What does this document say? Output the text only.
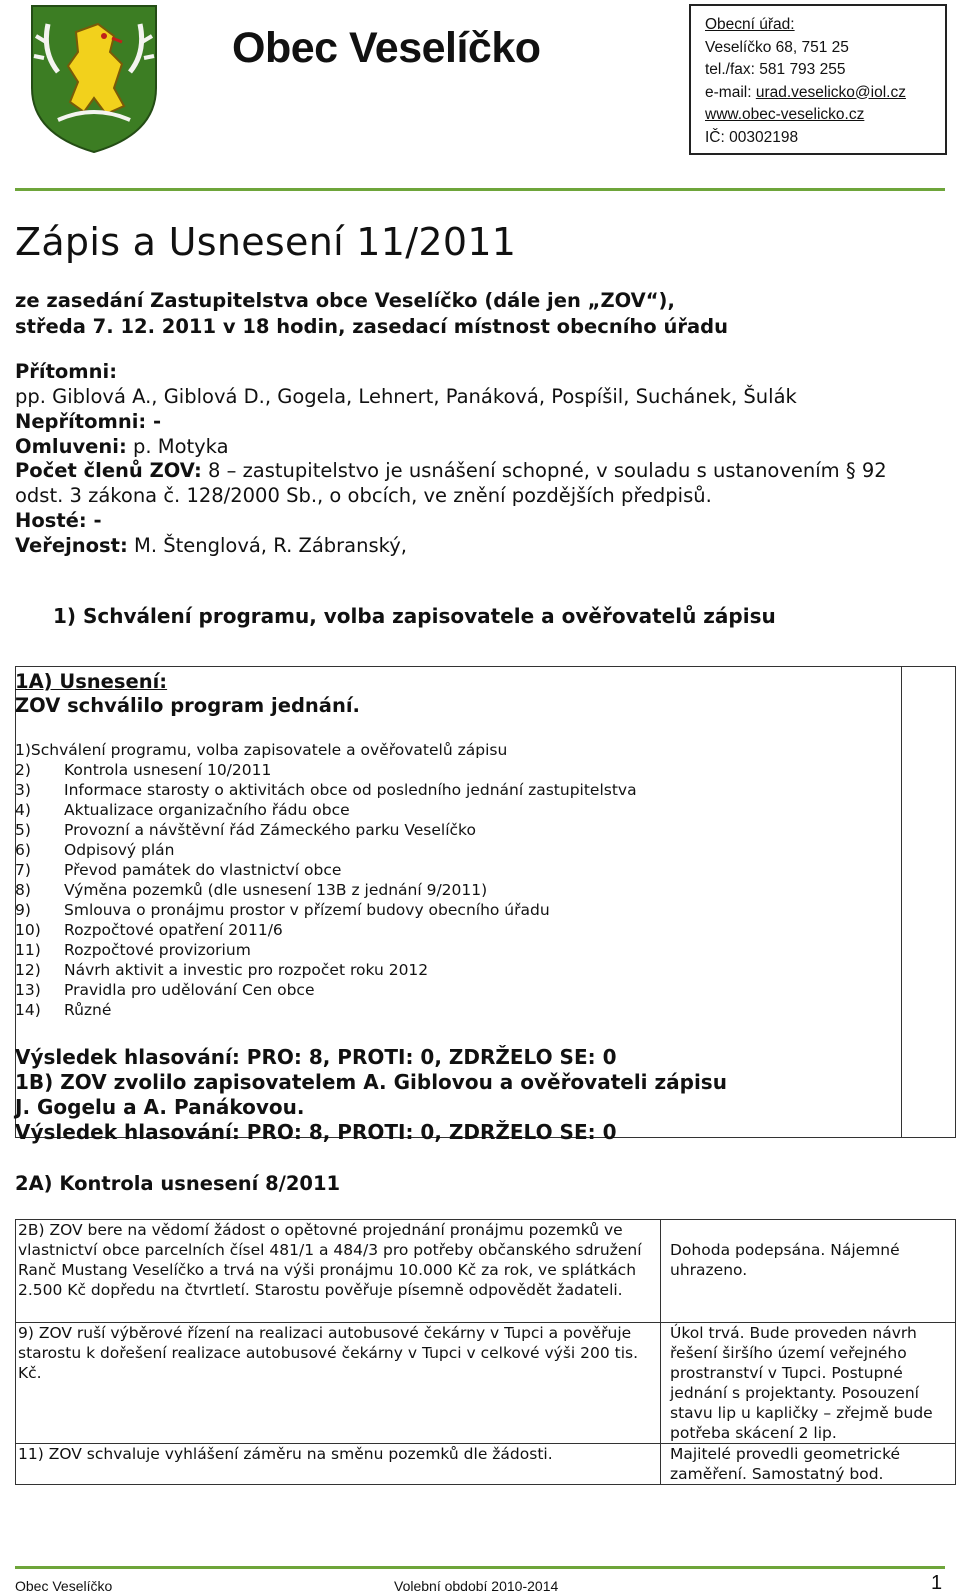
Obec Veselíčko	Obecní úřad:
Veselíčko 68, 751 25
tel./fax: 581 793 255
e-mail: urad.veselicko@iol.cz
www.obec-veselicko.cz
IČ: 00302198
Zápis a Usnesení 11/2011
ze zasedání Zastupitelstva obce Veselíčko (dále jen „ZOV“),
středa 7. 12. 2011 v 18 hodin, zasedací místnost obecního úřadu
Přítomni:
pp. Giblová A., Giblová D., Gogela, Lehnert, Panáková, Pospíšil, Suchánek, Šulák
Nepřítomni: -
Omluveni: p. Motyka
Počet členů ZOV: 8 – zastupitelstvo je usnášení schopné, v souladu s ustanovením § 92
odst. 3 zákona č. 128/2000 Sb., o obcích, ve znění pozdějších předpisů.
Hosté: -
Veřejnost: M. Štenglová, R. Zábranský,
1) Schválení programu, volba zapisovatele a ověřovatelů zápisu
1A) Usnesení:
ZOV schválilo program jednání.
1)Schválení programu, volba zapisovatele a ověřovatelů zápisu
2)	Kontrola usnesení 10/2011
3)	Informace starosty o aktivitách obce od posledního jednání zastupitelstva
4)	Aktualizace organizačního řádu obce
5)	Provozní a návštěvní řád Zámeckého parku Veselíčko
6)	Odpisový plán
7)	Převod památek do vlastnictví obce
8)	Výměna pozemků (dle usnesení 13B z jednání 9/2011)
9)	Smlouva o pronájmu prostor v přízemí budovy obecního úřadu
10)	Rozpočtové opatření 2011/6
11)	Rozpočtové provizorium
12)	Návrh aktivit a investic pro rozpočet roku 2012
13)	Pravidla pro udělování Cen obce
14)	Různé
Výsledek hlasování: PRO: 8, PROTI: 0, ZDRŽELO SE: 0
1B) ZOV zvolilo zapisovatelem A. Giblovou a ověřovateli zápisu
J. Gogelu a A. Panákovou.
Výsledek hlasování: PRO: 8, PROTI: 0, ZDRŽELO SE: 0
2A) Kontrola usnesení 8/2011
2B) ZOV bere na vědomí žádost o opětovné projednání pronájmu pozemků ve vlastnictví obce parcelních čísel 481/1 a 484/3 pro potřeby občanského sdružení Ranč Mustang Veselíčko a trvá na výši pronájmu 10.000 Kč za rok, ve splátkách 2.500 Kč dopředu na čtvrtletí. Starostu pověřuje písemně odpovědět žadateli.	Dohoda podepsána. Nájemné uhrazeno.

9) ZOV ruší výběrové řízení na realizaci autobusové čekárny v Tupci a pověřuje starostu k dořešení realizace autobusové čekárny v Tupci v celkové výši 200 tis. Kč.	Úkol trvá. Bude proveden návrh řešení širšího území veřejného prostranství v Tupci. Postupné jednání s projektanty. Posouzení stavu lip u kapličky – zřejmě bude potřeba skácení 2 lip.
11) ZOV schvaluje vyhlášení záměru na směnu pozemků dle žádosti.	Majitelé provedli geometrické zaměření. Samostatný bod.
Obec Veselíčko	Volební období 2010-2014	1
